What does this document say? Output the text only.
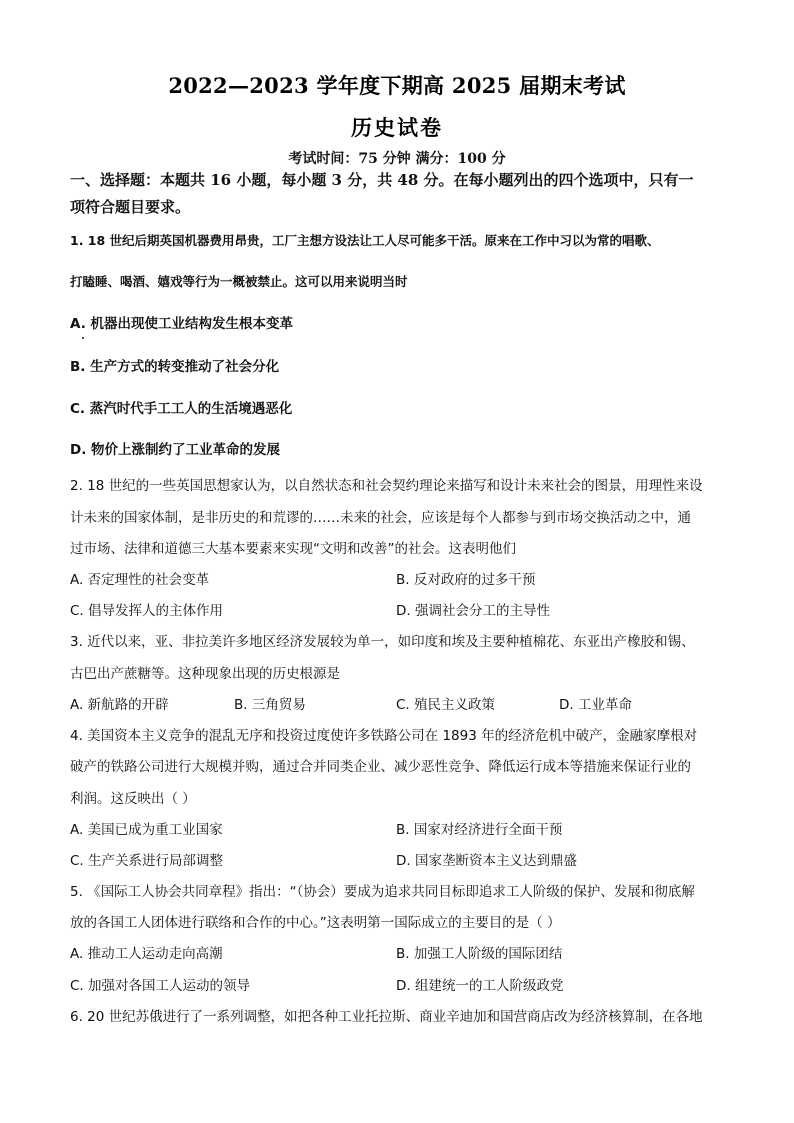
2022—2023 学年度下期高 2025 届期末考试
历史试卷
考试时间：75 分钟 满分：100 分
一、选择题：本题共 16 小题，每小题 3 分，共 48 分。在每小题列出的四个选项中，只有一
项符合题目要求。
1. 18 世纪后期英国机器费用昂贵，工厂主想方设法让工人尽可能多干活。原来在工作中习以为常的唱歌、
打瞌睡、喝酒、嬉戏等行为一概被禁止。这可以用来说明当时
A. 机器出现使工业结构发生根本变革
B. 生产方式的转变推动了社会分化
C. 蒸汽时代手工工人的生活境遇恶化
D. 物价上涨制约了工业革命的发展
2. 18 世纪的一些英国思想家认为，以自然状态和社会契约理论来描写和设计未来社会的图景，用理性来设
计未来的国家体制，是非历史的和荒谬的……未来的社会，应该是每个人都参与到市场交换活动之中，通
过市场、法律和道德三大基本要素来实现“文明和改善”的社会。这表明他们
A. 否定理性的社会变革	B. 反对政府的过多干预
C. 倡导发挥人的主体作用	D. 强调社会分工的主导性
3. 近代以来，亚、非拉美许多地区经济发展较为单一，如印度和埃及主要种植棉花、东亚出产橡胶和锡、
古巴出产蔗糖等。这种现象出现的历史根源是
A. 新航路的开辟	B. 三角贸易	C. 殖民主义政策	D. 工业革命
4. 美国资本主义竞争的混乱无序和投资过度使许多铁路公司在 1893 年的经济危机中破产，金融家摩根对
破产的铁路公司进行大规模并购，通过合并同类企业、减少恶性竞争、降低运行成本等措施来保证行业的
利润。这反映出（ ）
A. 美国已成为重工业国家	B. 国家对经济进行全面干预
C. 生产关系进行局部调整	D. 国家垄断资本主义达到鼎盛
5. 《国际工人协会共同章程》指出：“（协会）要成为追求共同目标即追求工人阶级的保护、发展和彻底解
放的各国工人团体进行联络和合作的中心。”这表明第一国际成立的主要目的是（ ）
A. 推动工人运动走向高潮	B. 加强工人阶级的国际团结
C. 加强对各国工人运动的领导	D. 组建统一的工人阶级政党
6. 20 世纪苏俄进行了一系列调整，如把各种工业托拉斯、商业辛迪加和国营商店改为经济核算制，在各地
